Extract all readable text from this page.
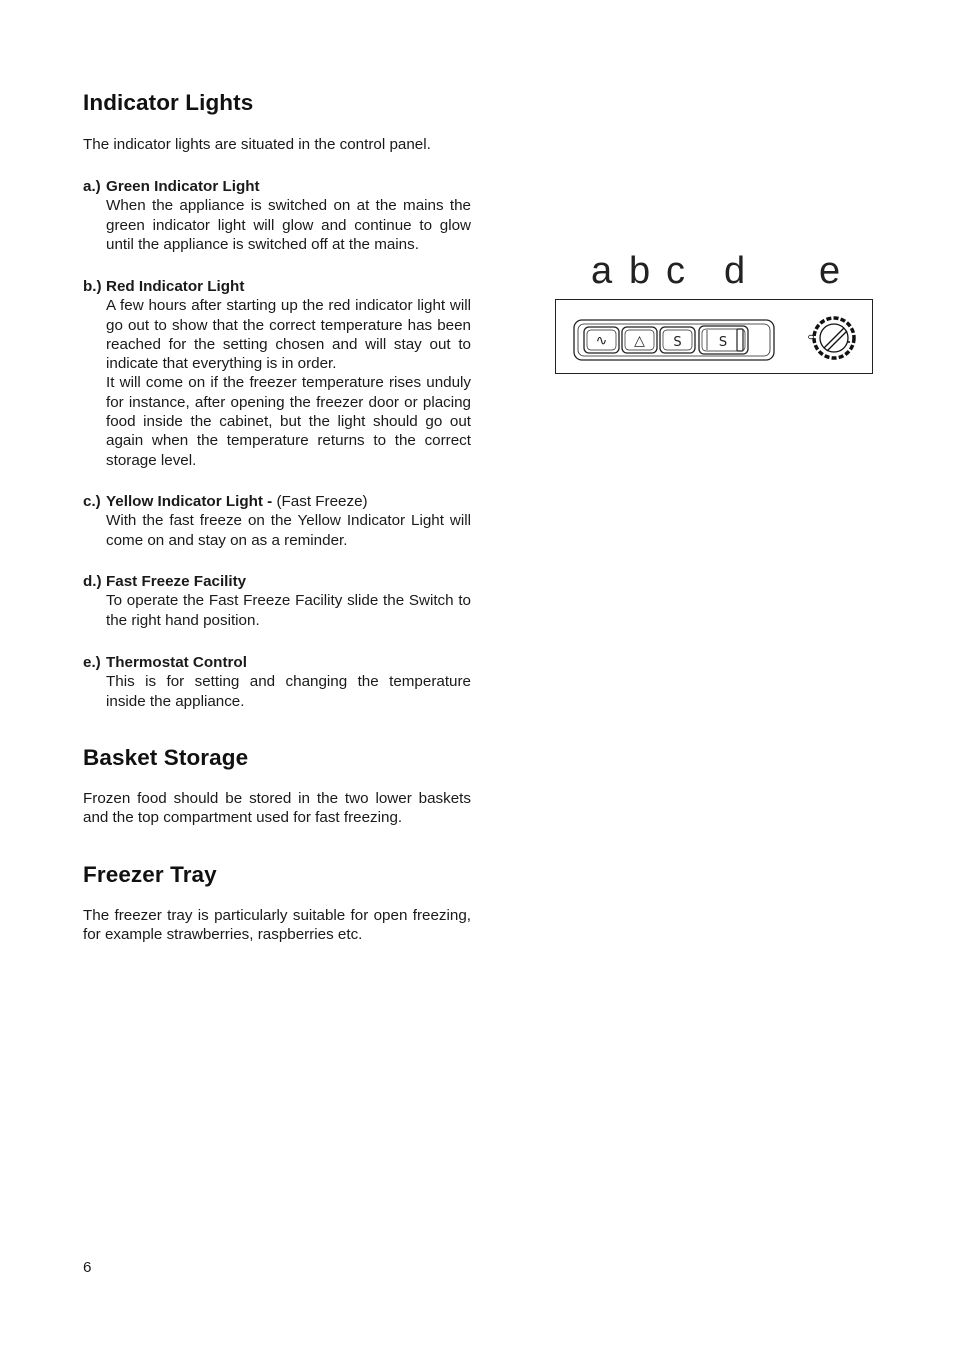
Indicator Lights

The indicator lights are situated in the control panel.

a.) Green Indicator Light

When the appliance is switched on at the mains the green indicator light will glow and continue to glow until the appliance is switched off at the mains.

b.) Red Indicator Light

A few hours after starting up the red indicator light will go out to show that the correct temperature has been reached for the setting chosen and will stay out to indicate that everything is in order.

It will come on if the freezer temperature rises unduly for instance, after opening the freezer door or placing food inside the cabinet, but the light should go out again when the temperature returns to the correct storage level.

c.) Yellow Indicator Light - (Fast Freeze)

With the fast freeze on the Yellow Indicator Light will come on and stay on as a reminder.

d.) Fast Freeze Facility

To operate the Fast Freeze Facility slide the Switch to the right hand position.

e.) Thermostat Control

This is for setting and changing the temperature inside the appliance.

Basket Storage

Frozen food should be stored in the two lower baskets and the top compartment used for fast freezing.

Freezer Tray

The freezer tray is particularly suitable for open freezing, for example strawberries, raspberries etc.

a b c d e
∿ △ S	S
6
